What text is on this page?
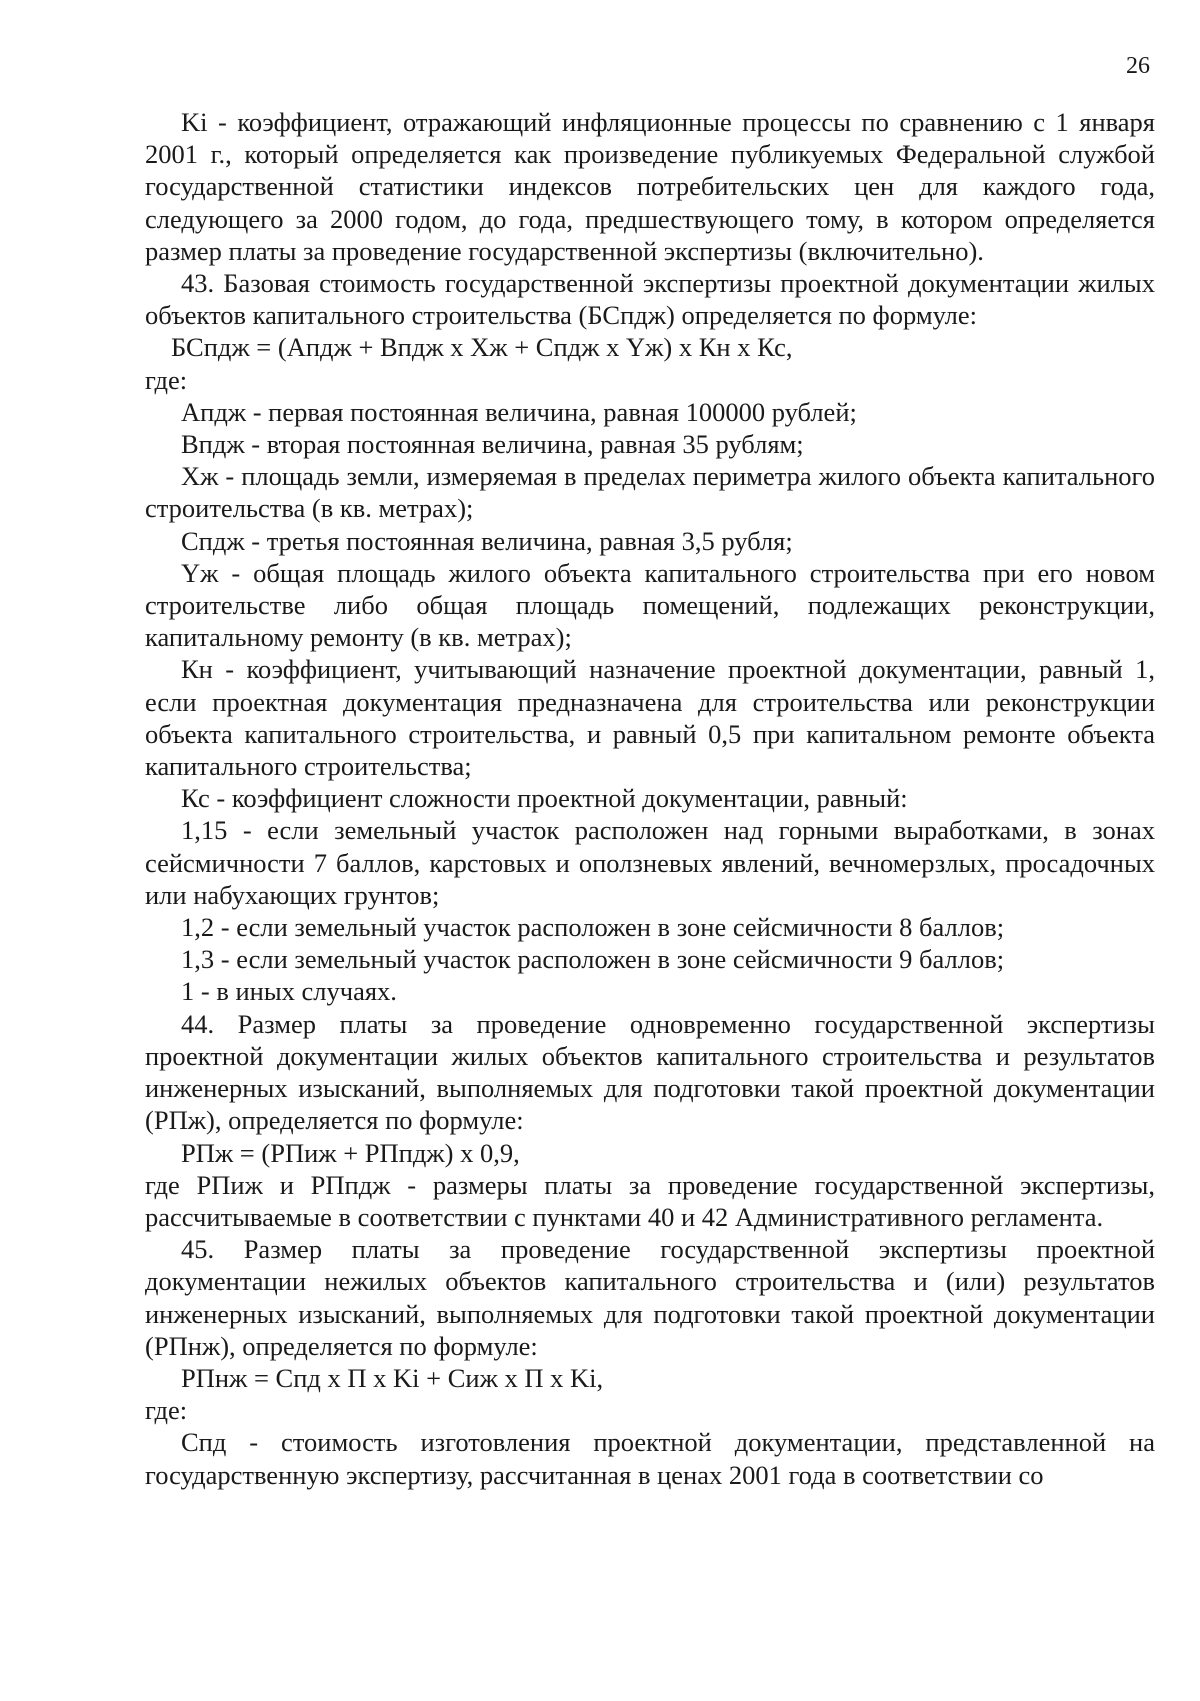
26

Ki - коэффициент, отражающий инфляционные процессы по сравнению с 1 января 2001 г., который определяется как произведение публикуемых Федеральной службой государственной статистики индексов потребительских цен для каждого года, следующего за 2000 годом, до года, предшествующего тому, в котором определяется размер платы за проведение государственной экспертизы (включительно).

43. Базовая стоимость государственной экспертизы проектной документации жилых объектов капитального строительства (БСпдж) определяется по формуле:

БСпдж = (Апдж + Впдж х Хж + Спдж х Yж) х Кн х Кс,

где:

Апдж - первая постоянная величина, равная 100000 рублей;

Впдж - вторая постоянная величина, равная 35 рублям;

Хж - площадь земли, измеряемая в пределах периметра жилого объекта капитального строительства (в кв. метрах);

Спдж - третья постоянная величина, равная 3,5 рубля;

Yж - общая площадь жилого объекта капитального строительства при его новом строительстве либо общая площадь помещений, подлежащих реконструкции, капитальному ремонту (в кв. метрах);

Кн - коэффициент, учитывающий назначение проектной документации, равный 1, если проектная документация предназначена для строительства или реконструкции объекта капитального строительства, и равный 0,5 при капитальном ремонте объекта капитального строительства;

Кс - коэффициент сложности проектной документации, равный:

1,15 - если земельный участок расположен над горными выработками, в зонах сейсмичности 7 баллов, карстовых и оползневых явлений, вечномерзлых, просадочных или набухающих грунтов;

1,2 - если земельный участок расположен в зоне сейсмичности 8 баллов;

1,3 - если земельный участок расположен в зоне сейсмичности 9 баллов;

1 - в иных случаях.

44. Размер платы за проведение одновременно государственной экспертизы проектной документации жилых объектов капитального строительства и результатов инженерных изысканий, выполняемых для подготовки такой проектной документации (РПж), определяется по формуле:

РПж = (РПиж + РПпдж) х 0,9,

где РПиж и РПпдж - размеры платы за проведение государственной экспертизы, рассчитываемые в соответствии с пунктами 40 и 42 Административного регламента.

45. Размер платы за проведение государственной экспертизы проектной документации нежилых объектов капитального строительства и (или) результатов инженерных изысканий, выполняемых для подготовки такой проектной документации (РПнж), определяется по формуле:

РПнж = Спд х П х Ki + Сиж х П х Ki,

где:

Спд - стоимость изготовления проектной документации, представленной на государственную экспертизу, рассчитанная в ценах 2001 года в соответствии со
